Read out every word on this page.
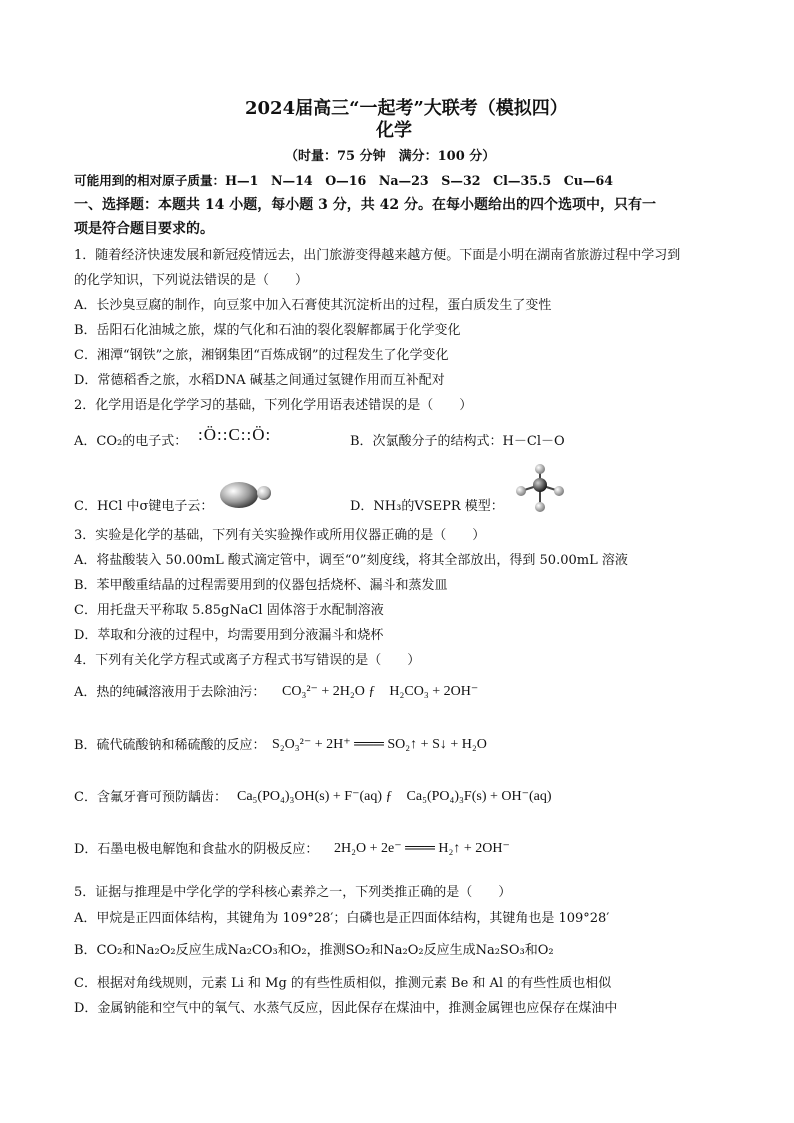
2024届高三“一起考”大联考（模拟四）
化学
（时量：75 分钟　满分：100 分）
可能用到的相对原子质量：H—1　N—14　O—16　Na—23　S—32　Cl—35.5　Cu—64
一、选择题：本题共 14 小题，每小题 3 分，共 42 分。在每小题给出的四个选项中，只有一
项是符合题目要求的。
1．随着经济快速发展和新冠疫情远去，出门旅游变得越来越方便。下面是小明在湖南省旅游过程中学习到
的化学知识，下列说法错误的是（　　）
A．长沙臭豆腐的制作，向豆浆中加入石膏使其沉淀析出的过程，蛋白质发生了变性
B．岳阳石化油城之旅，煤的气化和石油的裂化裂解都属于化学变化
C．湘潭“钢铁”之旅，湘钢集团“百炼成钢”的过程发生了化学变化
D．常德稻香之旅，水稻DNA 碱基之间通过氢键作用而互补配对
2．化学用语是化学学习的基础，下列化学用语表述错误的是（　　）
A．CO₂的电子式： :Ö::C::Ö:	B．次氯酸分子的结构式：H－Cl－O
C．HCl 中σ键电子云：	D．NH₃的VSEPR 模型：
3．实验是化学的基础，下列有关实验操作或所用仪器正确的是（　　）
A．将盐酸装入 50.00mL 酸式滴定管中，调至“0”刻度线，将其全部放出，得到 50.00mL 溶液
B．苯甲酸重结晶的过程需要用到的仪器包括烧杯、漏斗和蒸发皿
C．用托盘天平称取 5.85gNaCl 固体溶于水配制溶液
D．萃取和分液的过程中，均需要用到分液漏斗和烧杯
4．下列有关化学方程式或离子方程式书写错误的是（　　）
A．热的纯碱溶液用于去除油污： CO₃²⁻ + 2H₂O ƒ　H₂CO₃ + 2OH⁻
B．硫代硫酸钠和稀硫酸的反应： S₂O₃²⁻ + 2H⁺ ═══ SO₂↑ + S↓ + H₂O
C．含氟牙膏可预防龋齿： Ca₅(PO₄)₃OH(s) + F⁻(aq) ƒ　Ca₅(PO₄)₃F(s) + OH⁻(aq)
D．石墨电极电解饱和食盐水的阴极反应： 2H₂O + 2e⁻ ═══ H₂↑ + 2OH⁻
5．证据与推理是中学化学的学科核心素养之一，下列类推正确的是（　　）
A．甲烷是正四面体结构，其键角为 109°28′；白磷也是正四面体结构，其键角也是 109°28′
B．CO₂和Na₂O₂反应生成Na₂CO₃和O₂，推测SO₂和Na₂O₂反应生成Na₂SO₃和O₂
C．根据对角线规则，元素 Li 和 Mg 的有些性质相似，推测元素 Be 和 Al 的有些性质也相似
D．金属钠能和空气中的氧气、水蒸气反应，因此保存在煤油中，推测金属锂也应保存在煤油中
